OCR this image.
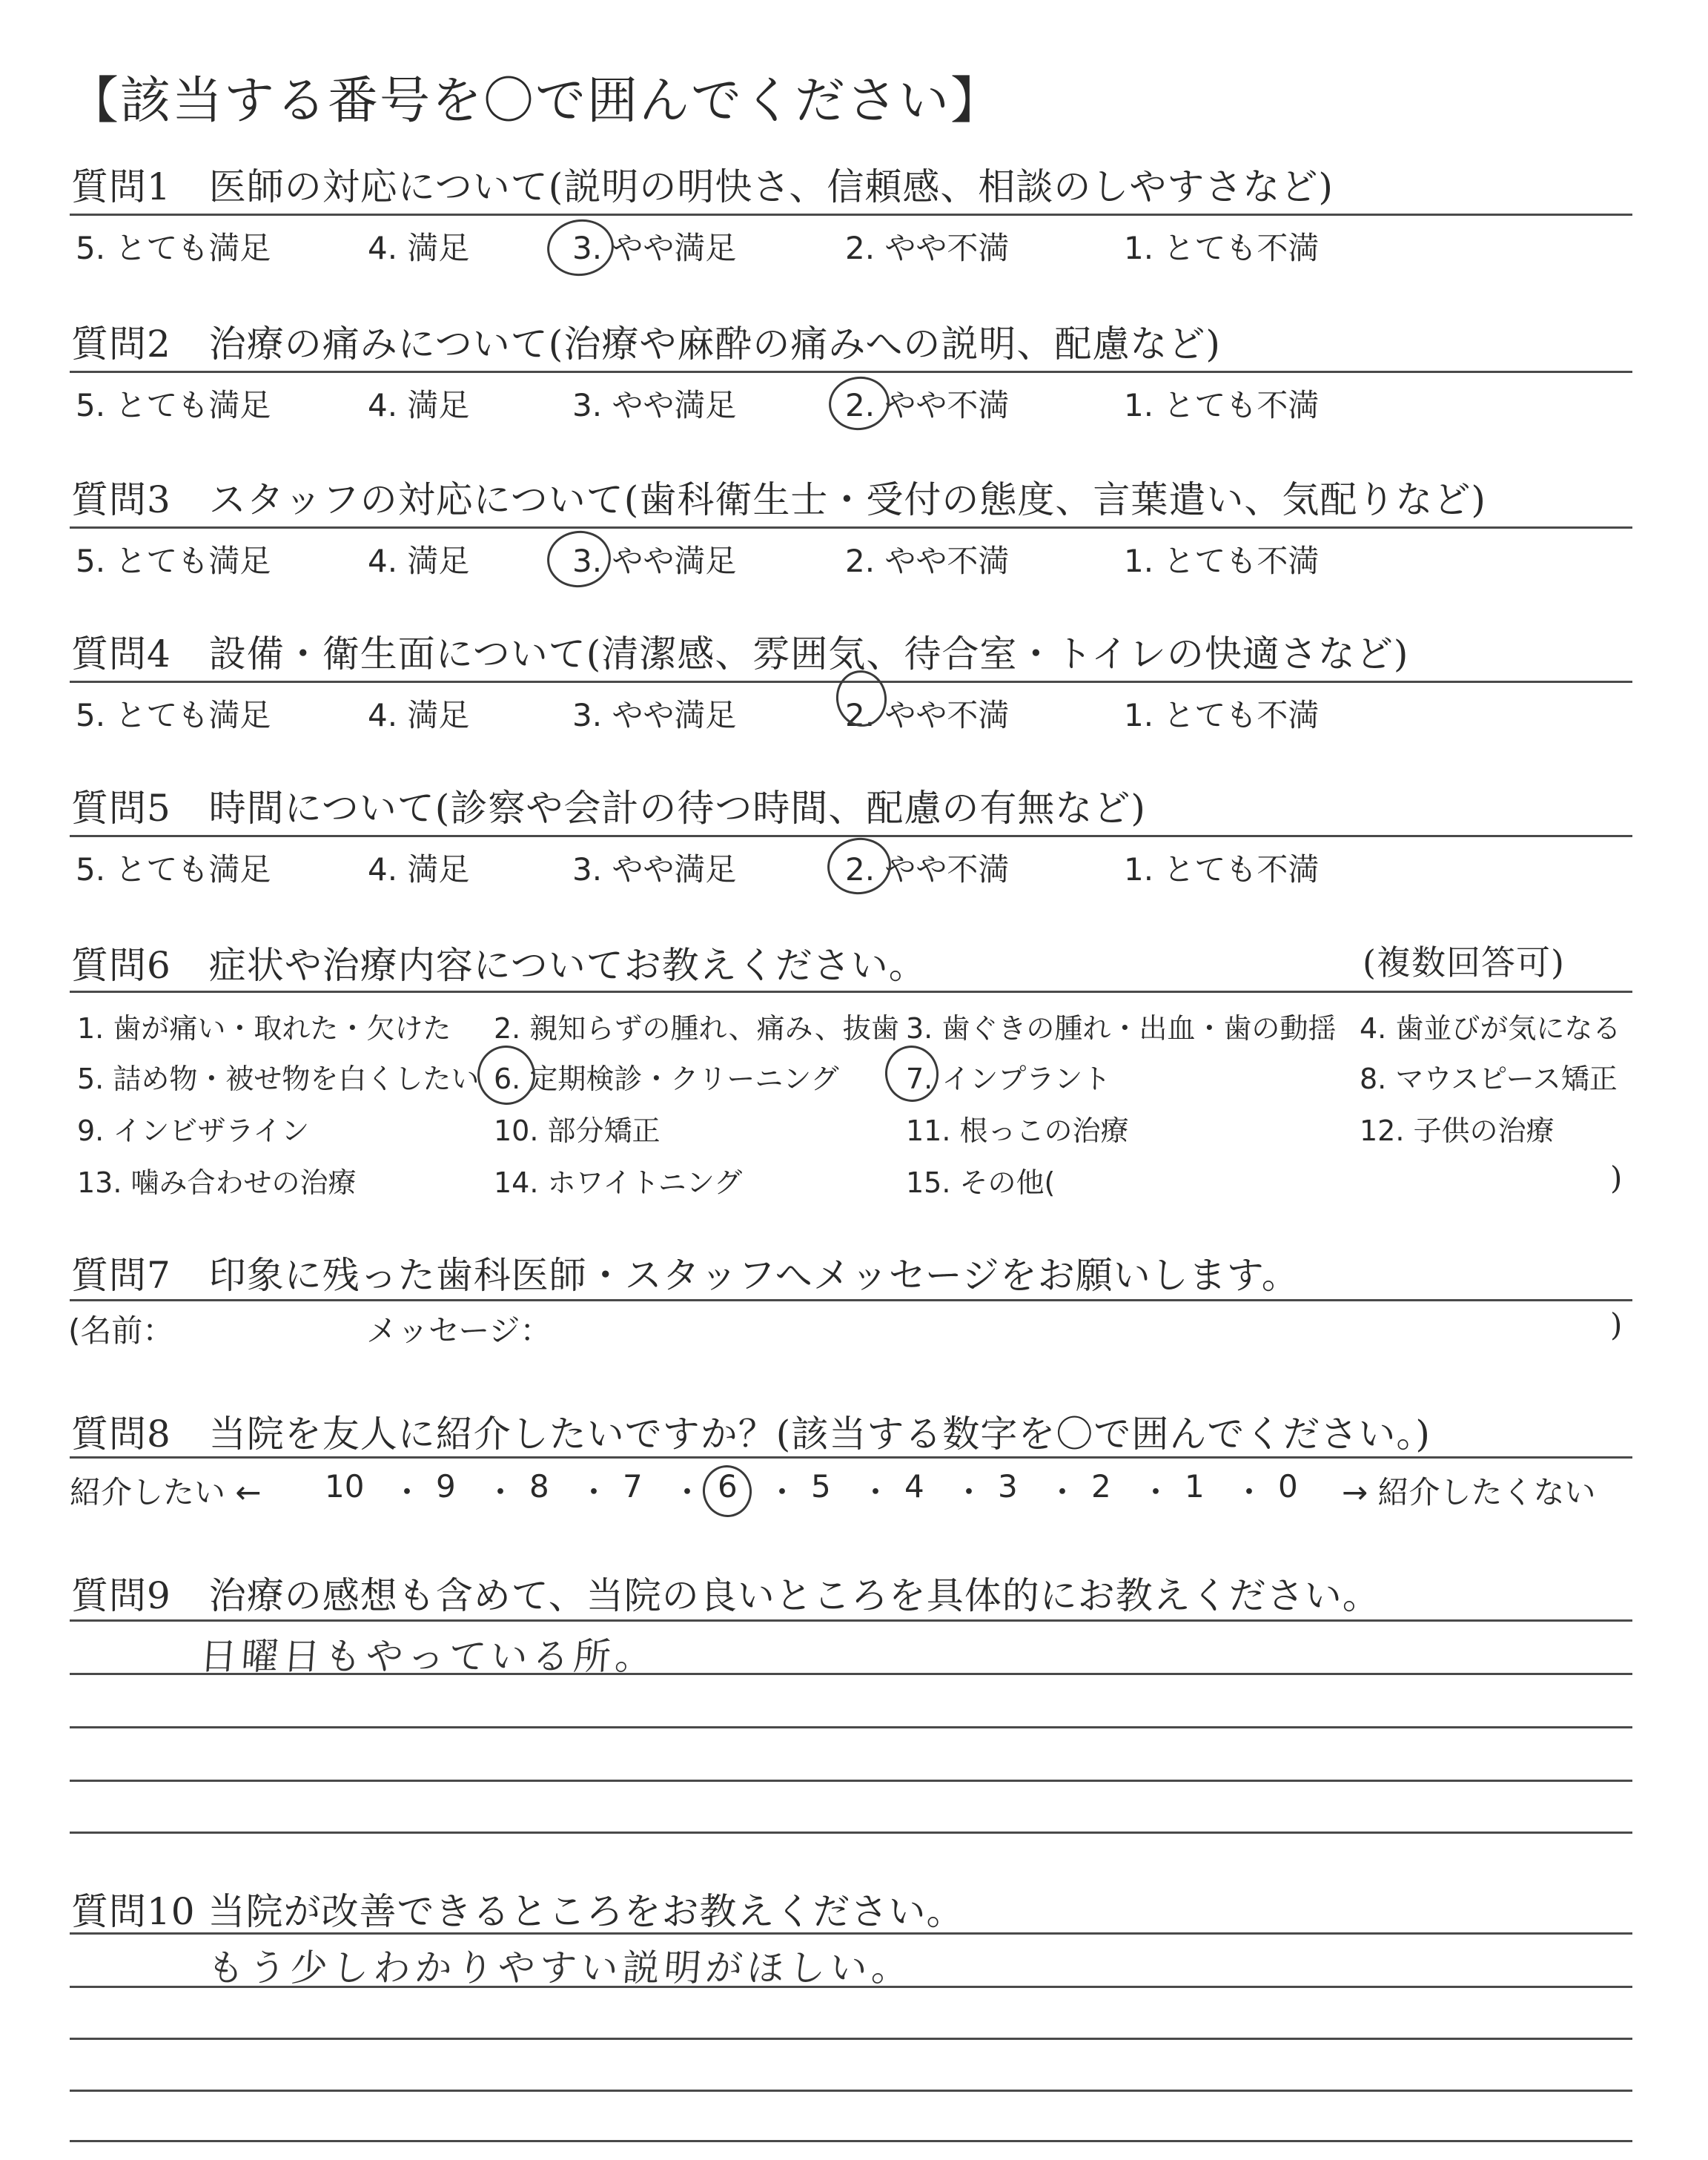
【該当する番号を〇で囲んでください】
質問1　医師の対応について(説明の明快さ、信頼感、相談のしやすさなど)
5. とても満足	4. 満足	3. やや満足	2. やや不満	1. とても不満
質問2　治療の痛みについて(治療や麻酔の痛みへの説明、配慮など)
5. とても満足	4. 満足	3. やや満足	2. やや不満	1. とても不満
質問3　スタッフの対応について(歯科衛生士・受付の態度、言葉遣い、気配りなど)
5. とても満足	4. 満足	3. やや満足	2. やや不満	1. とても不満
質問4　設備・衛生面について(清潔感、雰囲気、待合室・トイレの快適さなど)
5. とても満足	4. 満足	3. やや満足	2. やや不満	1. とても不満
質問5　時間について(診察や会計の待つ時間、配慮の有無など)
5. とても満足	4. 満足	3. やや満足	2. やや不満	1. とても不満
質問6　症状や治療内容についてお教えください。	(複数回答可)
1. 歯が痛い・取れた・欠けた 2. 親知らずの腫れ、痛み、抜歯 3. 歯ぐきの腫れ・出血・歯の動揺 4. 歯並びが気になる
5. 詰め物・被せ物を白くしたい 6. 定期検診・クリーニング 7. インプラント	8. マウスピース矯正
9. インビザライン	10. 部分矯正	11. 根っこの治療	12. 子供の治療
13. 噛み合わせの治療	14. ホワイトニング	15. その他(	)
質問7　印象に残った歯科医師・スタッフへメッセージをお願いします。
(名前：	メッセージ：	)
質問8　当院を友人に紹介したいですか？(該当する数字を〇で囲んでください。)
紹介したい ← 10 ・ 9 ・ 8 ・ 7 ・ 6 ・ 5 ・ 4 ・ 3 ・ 2 ・ 1 ・ 0 → 紹介したくない
質問9　治療の感想も含めて、当院の良いところを具体的にお教えください。
日曜日もやっている所。
質問10 当院が改善できるところをお教えください。
もう少しわかりやすい説明がほしい。
